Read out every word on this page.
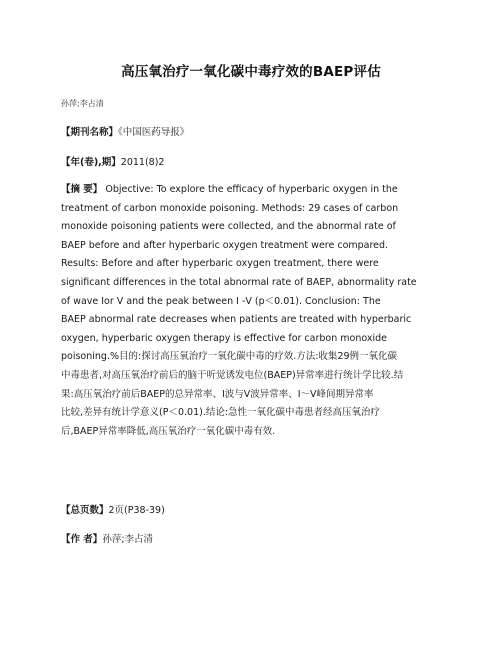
高压氧治疗一氧化碳中毒疗效的BAEP评估
孙萍;李占清
【期刊名称】《中国医药导报》
【年(卷),期】2011(8)2
【摘 要】 Objective: To explore the efficacy of hyperbaric oxygen in the
treatment of carbon monoxide poisoning. Methods: 29 cases of carbon
monoxide poisoning patients were collected, and the abnormal rate of
BAEP before and after hyperbaric oxygen treatment were compared.
Results: Before and after hyperbaric oxygen treatment, there were
significant differences in the total abnormal rate of BAEP, abnormality rate
of wave Ⅰor Ⅴ and the peak between Ⅰ -Ⅴ (p＜0.01). Conclusion: The
BAEP abnormal rate decreases when patients are treated with hyperbaric
oxygen, hyperbaric oxygen therapy is effective for carbon monoxide
poisoning.%目的:探讨高压氧治疗一氧化碳中毒的疗效.方法:收集29例一氧化碳
中毒患者,对高压氧治疗前后的脑干听觉诱发电位(BAEP)异常率进行统计学比较.结
果:高压氧治疗前后BAEP的总异常率、Ⅰ波与Ⅴ波异常率、Ⅰ～Ⅴ峰间期异常率
比较,差异有统计学意义(P＜0.01).结论:急性一氧化碳中毒患者经高压氧治疗
后,BAEP异常率降低,高压氧治疗一氧化碳中毒有效.
【总页数】2页(P38-39)
【作 者】孙萍;李占清
